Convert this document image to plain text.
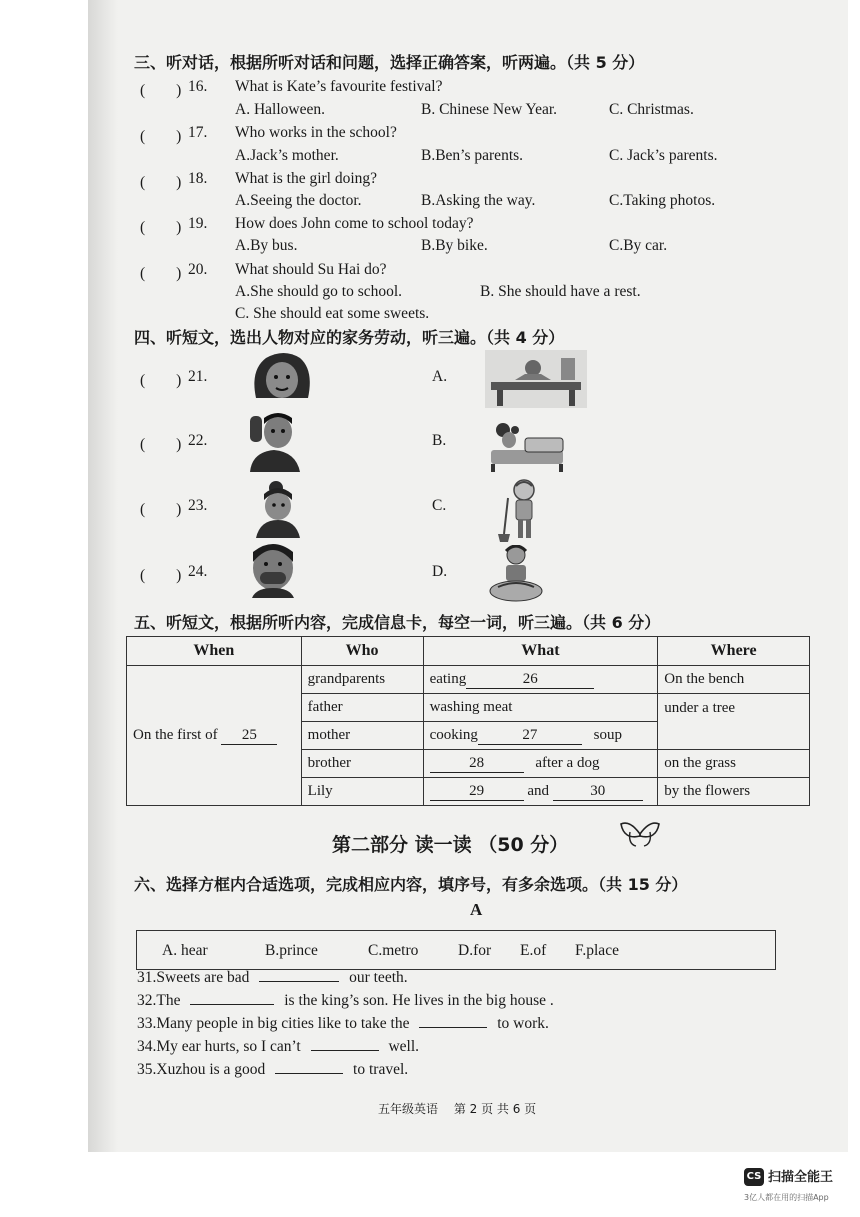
三、听对话，根据所听对话和问题，选择正确答案，听两遍。（共 5 分）
(　　) 16. What is Kate’s favourite festival?
A. Halloween.	B. Chinese New Year.	C. Christmas.
(　　) 17. Who works in the school?
A.Jack’s mother.	B.Ben’s parents.	C. Jack’s parents.
(　　) 18. What is the girl doing?
A.Seeing the doctor.	B.Asking the way.	C.Taking photos.
(　　) 19. How does John come to school today?
A.By bus.	B.By bike.	C.By car.
(　　) 20. What should Su Hai do?
A.She should go to school.	B. She should have a rest.
C. She should eat some sweets.
四、听短文，选出人物对应的家务劳动，听三遍。（共 4 分）
(　　) 21.	A.
(　　) 22.	B.
(　　) 23.	C.
(　　) 24.	D.
五、听短文，根据所听内容，完成信息卡，每空一词，听三遍。（共 6 分）
When	Who	What	Where
On the first of 25	grandparents	eating 26	On the bench
	father	washing meat	under a tree
	mother	cooking 27 soup	
	brother	28 after a dog	on the grass
	Lily	29 and 30	by the flowers
第二部分 读一读 （50 分）
六、选择方框内合适选项，完成相应内容，填序号，有多余选项。（共 15 分）
A
A. hear	B.prince	C.metro	D.for E.of F.place
31.Sweets are bad	our teeth.
32.The	is the king’s son. He lives in the big house .
33.Many people in big cities like to take the	to work.
34.My ear hurts, so I can’t	well.
35.Xuzhou is a good	to travel.
五年级英语　 第 2 页 共 6 页
CS 扫描全能王
3亿人都在用的扫描App
